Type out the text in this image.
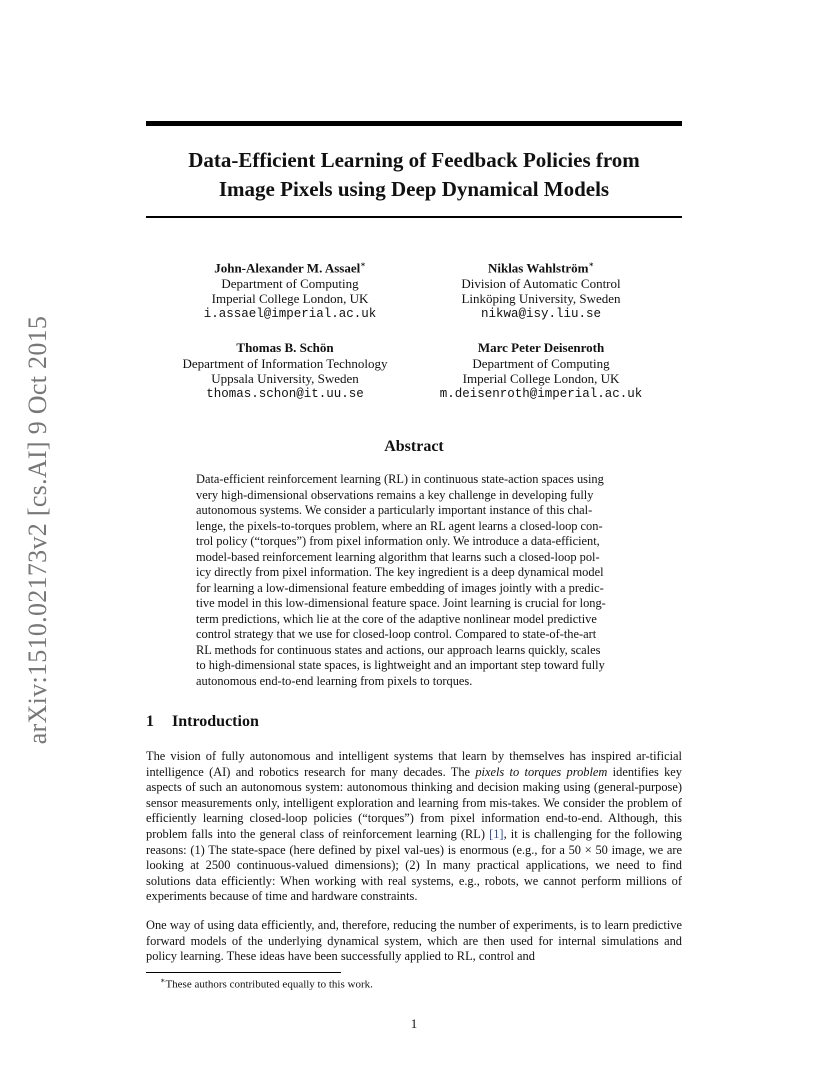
arXiv:1510.02173v2 [cs.AI] 9 Oct 2015
Data-Efficient Learning of Feedback Policies from
Image Pixels using Deep Dynamical Models
John-Alexander M. Assael∗
Department of Computing
Imperial College London, UK
i.assael@imperial.ac.uk
Niklas Wahlström∗
Division of Automatic Control
Linköping University, Sweden
nikwa@isy.liu.se
Thomas B. Schön
Department of Information Technology
Uppsala University, Sweden
thomas.schon@it.uu.se
Marc Peter Deisenroth
Department of Computing
Imperial College London, UK
m.deisenroth@imperial.ac.uk
Abstract
Data-efficient reinforcement learning (RL) in continuous state-action spaces using
very high-dimensional observations remains a key challenge in developing fully
autonomous systems. We consider a particularly important instance of this chal-
lenge, the pixels-to-torques problem, where an RL agent learns a closed-loop con-
trol policy (“torques”) from pixel information only. We introduce a data-efficient,
model-based reinforcement learning algorithm that learns such a closed-loop pol-
icy directly from pixel information. The key ingredient is a deep dynamical model
for learning a low-dimensional feature embedding of images jointly with a predic-
tive model in this low-dimensional feature space. Joint learning is crucial for long-
term predictions, which lie at the core of the adaptive nonlinear model predictive
control strategy that we use for closed-loop control. Compared to state-of-the-art
RL methods for continuous states and actions, our approach learns quickly, scales
to high-dimensional state spaces, is lightweight and an important step toward fully
autonomous end-to-end learning from pixels to torques.
1 Introduction
The vision of fully autonomous and intelligent systems that learn by themselves has inspired ar-tificial intelligence (AI) and robotics research for many decades. The pixels to torques problem identifies key aspects of such an autonomous system: autonomous thinking and decision making using (general-purpose) sensor measurements only, intelligent exploration and learning from mis-takes. We consider the problem of efficiently learning closed-loop policies (“torques”) from pixel information end-to-end. Although, this problem falls into the general class of reinforcement learning (RL) [1], it is challenging for the following reasons: (1) The state-space (here defined by pixel val-ues) is enormous (e.g., for a 50 × 50 image, we are looking at 2500 continuous-valued dimensions); (2) In many practical applications, we need to find solutions data efficiently: When working with real systems, e.g., robots, we cannot perform millions of experiments because of time and hardware constraints.
One way of using data efficiently, and, therefore, reducing the number of experiments, is to learn predictive forward models of the underlying dynamical system, which are then used for internal simulations and policy learning. These ideas have been successfully applied to RL, control and
∗These authors contributed equally to this work.
1
